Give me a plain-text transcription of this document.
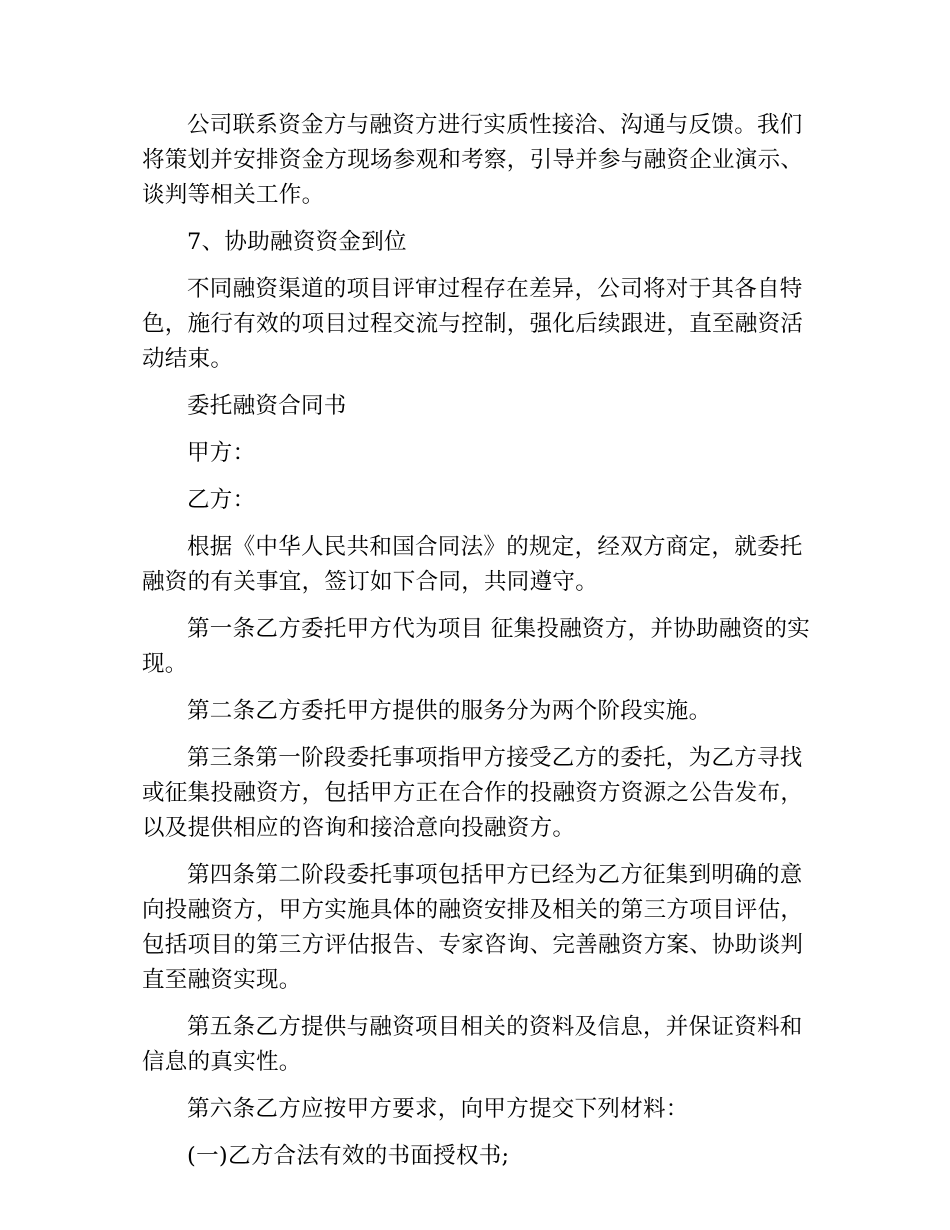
公司联系资金方与融资方进行实质性接洽、沟通与反馈。我们将策划并安排资金方现场参观和考察，引导并参与融资企业演示、谈判等相关工作。

7、协助融资资金到位

不同融资渠道的项目评审过程存在差异，公司将对于其各自特色，施行有效的项目过程交流与控制，强化后续跟进，直至融资活动结束。

委托融资合同书

甲方：

乙方：

根据《中华人民共和国合同法》的规定，经双方商定，就委托融资的有关事宜，签订如下合同，共同遵守。

第一条乙方委托甲方代为项目 征集投融资方，并协助融资的实现。

第二条乙方委托甲方提供的服务分为两个阶段实施。

第三条第一阶段委托事项指甲方接受乙方的委托，为乙方寻找或征集投融资方，包括甲方正在合作的投融资方资源之公告发布，以及提供相应的咨询和接洽意向投融资方。

第四条第二阶段委托事项包括甲方已经为乙方征集到明确的意向投融资方，甲方实施具体的融资安排及相关的第三方项目评估，包括项目的第三方评估报告、专家咨询、完善融资方案、协助谈判直至融资实现。

第五条乙方提供与融资项目相关的资料及信息，并保证资料和信息的真实性。

第六条乙方应按甲方要求，向甲方提交下列材料：

(一)乙方合法有效的书面授权书;
